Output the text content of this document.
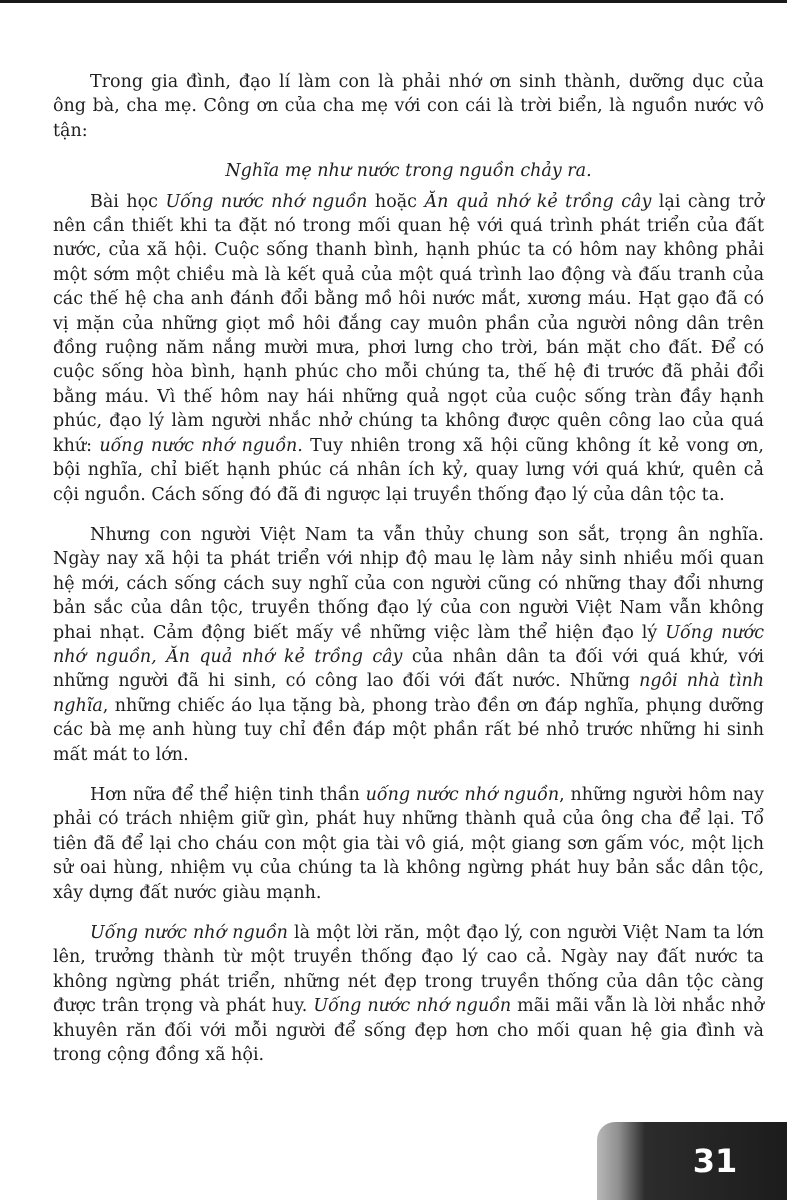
Trong gia đình, đạo lí làm con là phải nhớ ơn sinh thành, dưỡng dục của ông bà, cha mẹ. Công ơn của cha mẹ với con cái là trời biển, là nguồn nước vô tận:

Nghĩa mẹ như nước trong nguồn chảy ra.

Bài học Uống nước nhớ nguồn hoặc Ăn quả nhớ kẻ trồng cây lại càng trở nên cần thiết khi ta đặt nó trong mối quan hệ với quá trình phát triển của đất nước, của xã hội. Cuộc sống thanh bình, hạnh phúc ta có hôm nay không phải một sớm một chiều mà là kết quả của một quá trình lao động và đấu tranh của các thế hệ cha anh đánh đổi bằng mồ hôi nước mắt, xương máu. Hạt gạo đã có vị mặn của những giọt mồ hôi đắng cay muôn phần của người nông dân trên đồng ruộng năm nắng mười mưa, phơi lưng cho trời, bán mặt cho đất. Để có cuộc sống hòa bình, hạnh phúc cho mỗi chúng ta, thế hệ đi trước đã phải đổi bằng máu. Vì thế hôm nay hái những quả ngọt của cuộc sống tràn đầy hạnh phúc, đạo lý làm người nhắc nhở chúng ta không được quên công lao của quá khứ: uống nước nhớ nguồn. Tuy nhiên trong xã hội cũng không ít kẻ vong ơn, bội nghĩa, chỉ biết hạnh phúc cá nhân ích kỷ, quay lưng với quá khứ, quên cả cội nguồn. Cách sống đó đã đi ngược lại truyền thống đạo lý của dân tộc ta.

Nhưng con người Việt Nam ta vẫn thủy chung son sắt, trọng ân nghĩa. Ngày nay xã hội ta phát triển với nhịp độ mau lẹ làm nảy sinh nhiều mối quan hệ mới, cách sống cách suy nghĩ của con người cũng có những thay đổi nhưng bản sắc của dân tộc, truyền thống đạo lý của con người Việt Nam vẫn không phai nhạt. Cảm động biết mấy về những việc làm thể hiện đạo lý Uống nước nhớ nguồn, Ăn quả nhớ kẻ trồng cây của nhân dân ta đối với quá khứ, với những người đã hi sinh, có công lao đối với đất nước. Những ngôi nhà tình nghĩa, những chiếc áo lụa tặng bà, phong trào đền ơn đáp nghĩa, phụng dưỡng các bà mẹ anh hùng tuy chỉ đền đáp một phần rất bé nhỏ trước những hi sinh mất mát to lớn.

Hơn nữa để thể hiện tinh thần uống nước nhớ nguồn, những người hôm nay phải có trách nhiệm giữ gìn, phát huy những thành quả của ông cha để lại. Tổ tiên đã để lại cho cháu con một gia tài vô giá, một giang sơn gấm vóc, một lịch sử oai hùng, nhiệm vụ của chúng ta là không ngừng phát huy bản sắc dân tộc, xây dựng đất nước giàu mạnh.

Uống nước nhớ nguồn là một lời răn, một đạo lý, con người Việt Nam ta lớn lên, trưởng thành từ một truyền thống đạo lý cao cả. Ngày nay đất nước ta không ngừng phát triển, những nét đẹp trong truyền thống của dân tộc càng được trân trọng và phát huy. Uống nước nhớ nguồn mãi mãi vẫn là lời nhắc nhở khuyên răn đối với mỗi người để sống đẹp hơn cho mối quan hệ gia đình và trong cộng đồng xã hội.

31
